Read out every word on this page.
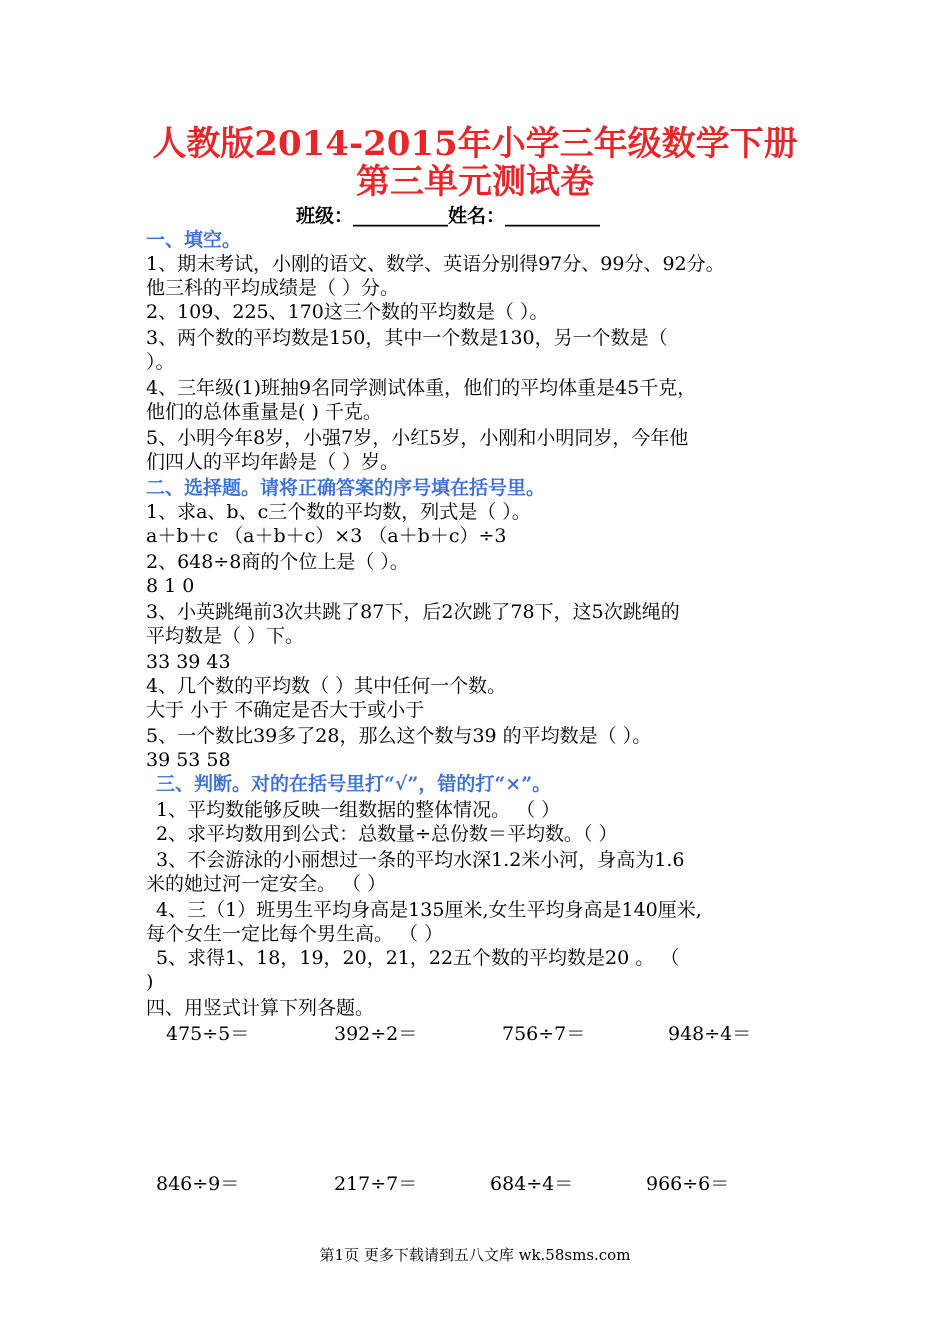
人教版2014-2015年小学三年级数学下册
第三单元测试卷
班级：__________姓名：__________
一、填空。
1、期末考试，小刚的语文、数学、英语分别得97分、99分、92分。
他三科的平均成绩是（ ）分。
2、109、225、170这三个数的平均数是（ ）。
3、两个数的平均数是150，其中一个数是130，另一个数是（
）。
4、三年级(1)班抽9名同学测试体重，他们的平均体重是45千克，
他们的总体重量是( ) 千克。
5、小明今年8岁，小强7岁，小红5岁，小刚和小明同岁，今年他
们四人的平均年龄是（ ）岁。
二、选择题。请将正确答案的序号填在括号里。
1、求a、b、c三个数的平均数，列式是（ ）。
a＋b＋c （a＋b＋c）×3 （a＋b＋c）÷3
2、648÷8商的个位上是（ ）。
8 1 0
3、小英跳绳前3次共跳了87下，后2次跳了78下，这5次跳绳的
平均数是（ ）下。
33 39 43
4、几个数的平均数（ ）其中任何一个数。
大于 小于 不确定是否大于或小于
5、一个数比39多了28，那么这个数与39 的平均数是（ ）。
39 53 58
三、判断。对的在括号里打“√”，错的打“×”。
1、平均数能够反映一组数据的整体情况。 （ ）
2、求平均数用到公式：总数量÷总份数＝平均数。（ ）
3、不会游泳的小丽想过一条的平均水深1.2米小河，身高为1.6
米的她过河一定安全。 （ ）
4、三（1）班男生平均身高是135厘米,女生平均身高是140厘米,
每个女生一定比每个男生高。 （ ）
5、求得1、18，19，20，21，22五个数的平均数是20 。 （
)
四、用竖式计算下列各题。
475÷5＝	392÷2＝	756÷7＝	948÷4＝
846÷9＝	217÷7＝	684÷4＝	966÷6＝
第1页 更多下载请到五八文库 wk.58sms.com
